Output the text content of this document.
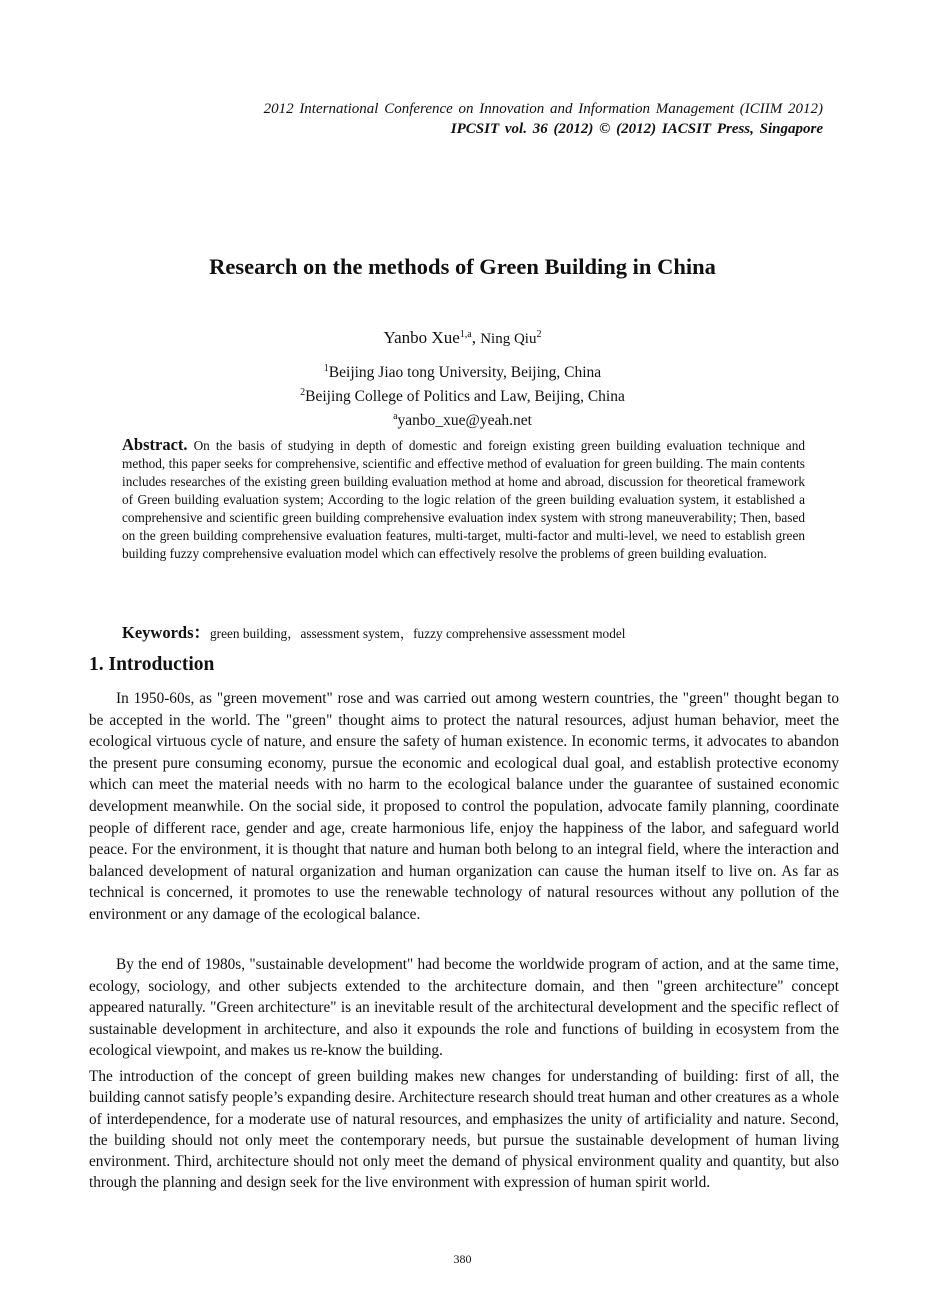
2012 International Conference on Innovation and Information Management (ICIIM 2012)
IPCSIT vol. 36 (2012) © (2012) IACSIT Press, Singapore
Research on the methods of Green Building in China
Yanbo Xue$^{1,a}$, Ning Qiu$^2$
$^1$Beijing Jiao tong University, Beijing, China
$^2$Beijing College of Politics and Law, Beijing, China
$^a$yanbo_xue@yeah.net
Abstract. On the basis of studying in depth of domestic and foreign existing green building evaluation technique and method, this paper seeks for comprehensive, scientific and effective method of evaluation for green building. The main contents includes researches of the existing green building evaluation method at home and abroad, discussion for theoretical framework of Green building evaluation system; According to the logic relation of the green building evaluation system, it established a comprehensive and scientific green building comprehensive evaluation index system with strong maneuverability; Then, based on the green building comprehensive evaluation features, multi-target, multi-factor and multi-level, we need to establish green building fuzzy comprehensive evaluation model which can effectively resolve the problems of green building evaluation.
Keywords：green building，assessment system，fuzzy comprehensive assessment model
1. Introduction
In 1950-60s, as "green movement" rose and was carried out among western countries, the "green" thought began to be accepted in the world. The "green" thought aims to protect the natural resources, adjust human behavior, meet the ecological virtuous cycle of nature, and ensure the safety of human existence. In economic terms, it advocates to abandon the present pure consuming economy, pursue the economic and ecological dual goal, and establish protective economy which can meet the material needs with no harm to the ecological balance under the guarantee of sustained economic development meanwhile. On the social side, it proposed to control the population, advocate family planning, coordinate people of different race, gender and age, create harmonious life, enjoy the happiness of the labor, and safeguard world peace. For the environment, it is thought that nature and human both belong to an integral field, where the interaction and balanced development of natural organization and human organization can cause the human itself to live on. As far as technical is concerned, it promotes to use the renewable technology of natural resources without any pollution of the environment or any damage of the ecological balance.
By the end of 1980s, "sustainable development" had become the worldwide program of action, and at the same time, ecology, sociology, and other subjects extended to the architecture domain, and then "green architecture" concept appeared naturally. "Green architecture" is an inevitable result of the architectural development and the specific reflect of sustainable development in architecture, and also it expounds the role and functions of building in ecosystem from the ecological viewpoint, and makes us re-know the building.
The introduction of the concept of green building makes new changes for understanding of building: first of all, the building cannot satisfy people’s expanding desire. Architecture research should treat human and other creatures as a whole of interdependence, for a moderate use of natural resources, and emphasizes the unity of artificiality and nature. Second, the building should not only meet the contemporary needs, but pursue the sustainable development of human living environment. Third, architecture should not only meet the demand of physical environment quality and quantity, but also through the planning and design seek for the live environment with expression of human spirit world.
380
